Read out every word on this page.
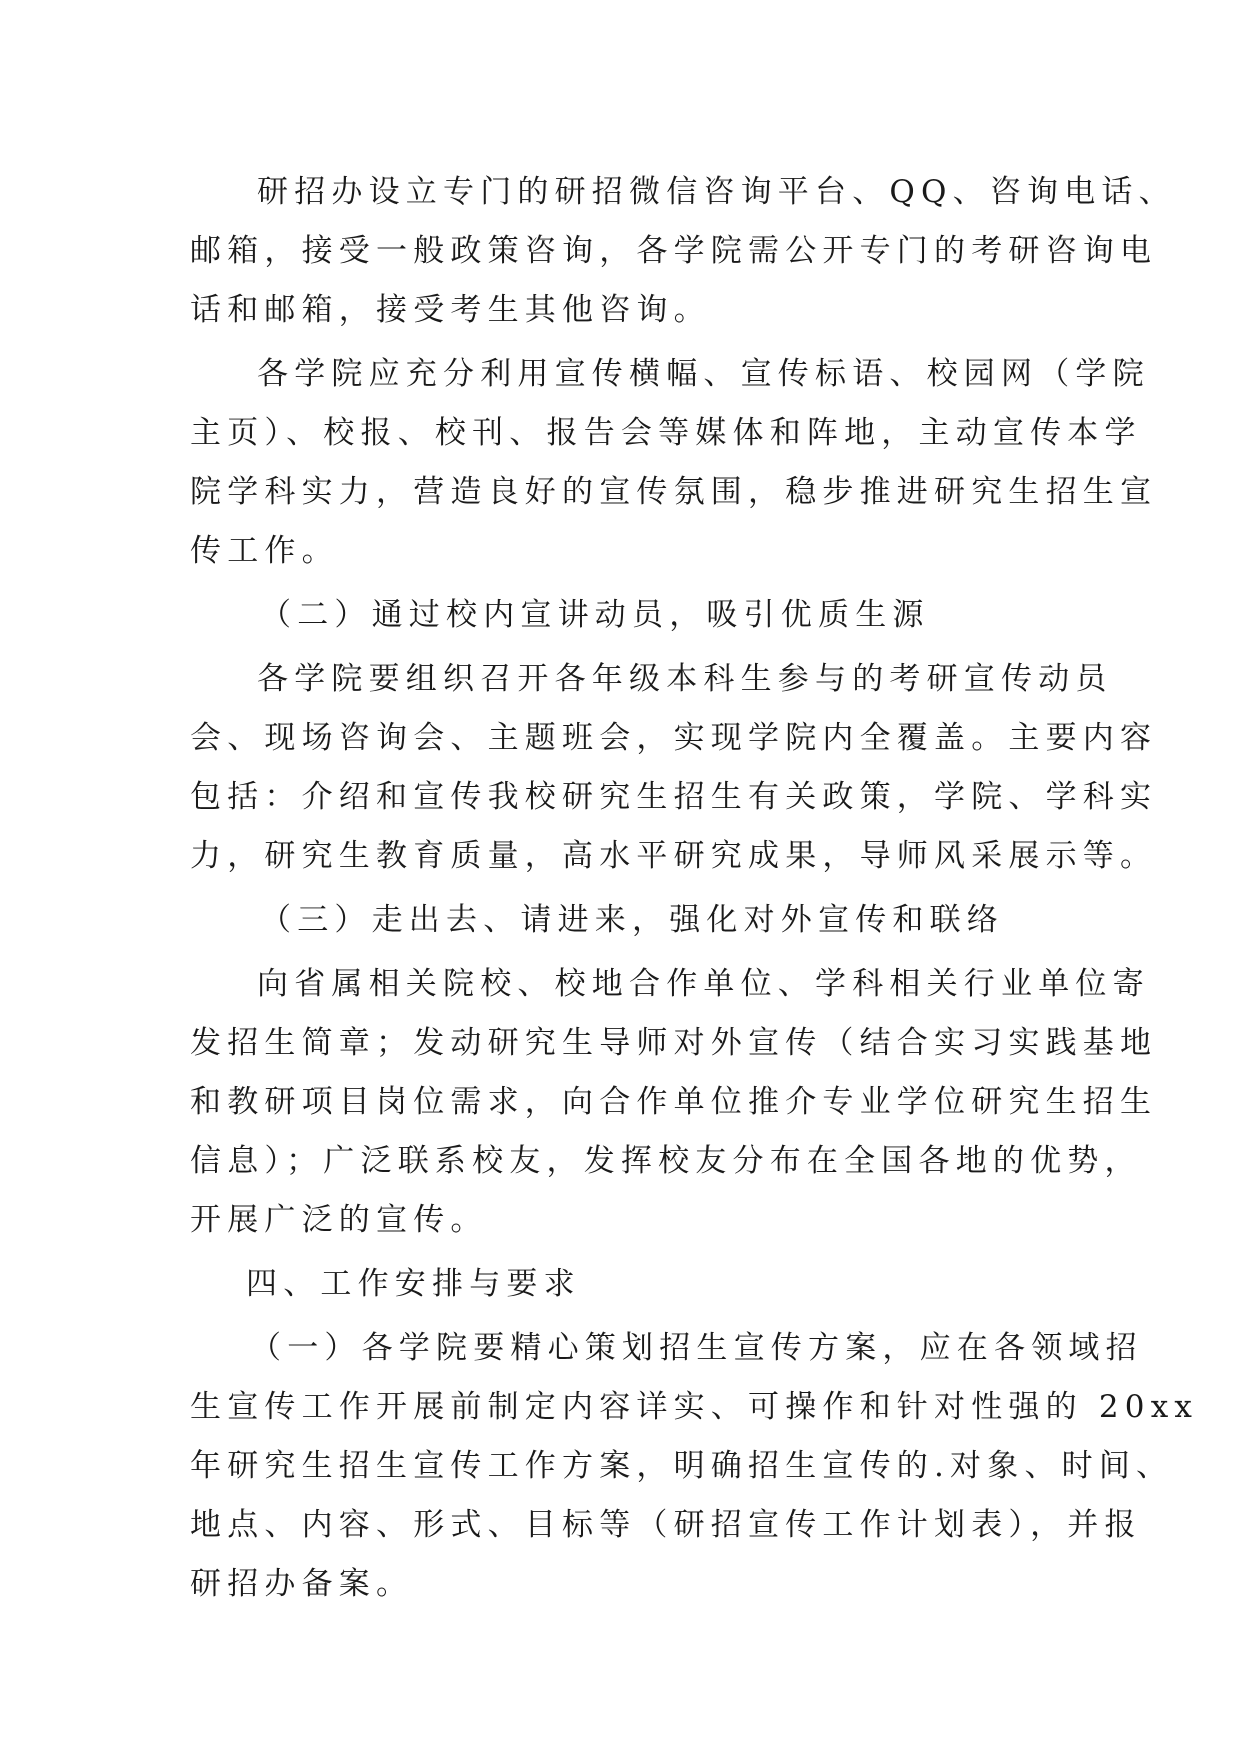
研招办设立专门的研招微信咨询平台、QQ、咨询电话、
邮箱，接受一般政策咨询，各学院需公开专门的考研咨询电
话和邮箱，接受考生其他咨询。
各学院应充分利用宣传横幅、宣传标语、校园网（学院
主页）、校报、校刊、报告会等媒体和阵地，主动宣传本学
院学科实力，营造良好的宣传氛围，稳步推进研究生招生宣
传工作。
（二）通过校内宣讲动员，吸引优质生源
各学院要组织召开各年级本科生参与的考研宣传动员
会、现场咨询会、主题班会，实现学院内全覆盖。主要内容
包括：介绍和宣传我校研究生招生有关政策，学院、学科实
力，研究生教育质量，高水平研究成果，导师风采展示等。
（三）走出去、请进来，强化对外宣传和联络
向省属相关院校、校地合作单位、学科相关行业单位寄
发招生简章；发动研究生导师对外宣传（结合实习实践基地
和教研项目岗位需求，向合作单位推介专业学位研究生招生
信息）；广泛联系校友，发挥校友分布在全国各地的优势，
开展广泛的宣传。
四、工作安排与要求
（一）各学院要精心策划招生宣传方案，应在各领域招
生宣传工作开展前制定内容详实、可操作和针对性强的 20xx
年研究生招生宣传工作方案，明确招生宣传的.对象、时间、
地点、内容、形式、目标等（研招宣传工作计划表），并报
研招办备案。
